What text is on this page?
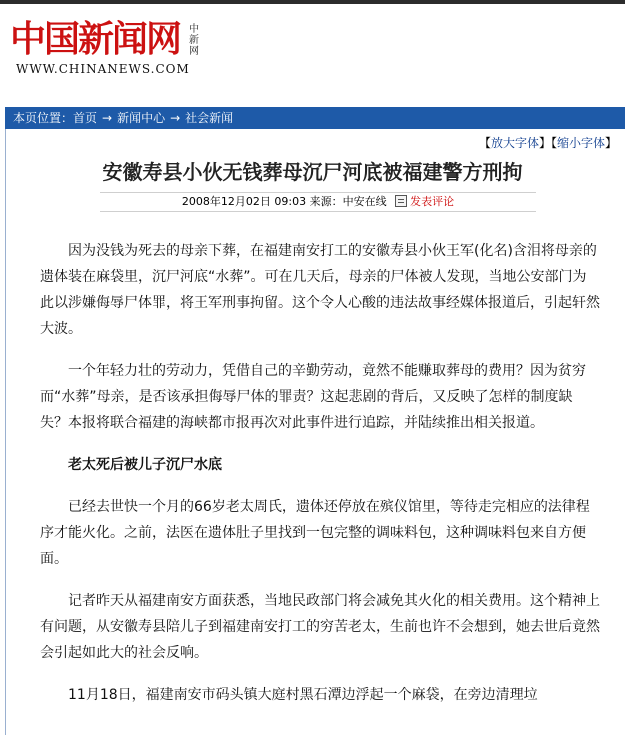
中国新闻网 中新网
WWW.CHINANEWS.COM
本页位置：首页 → 新闻中心 → 社会新闻
【放大字体】【缩小字体】
安徽寿县小伙无钱葬母沉尸河底被福建警方刑拘
2008年12月02日 09:03 来源：中安在线 发表评论

因为没钱为死去的母亲下葬，在福建南安打工的安徽寿县小伙王军(化名)含泪将母亲的遗体装在麻袋里，沉尸河底“水葬”。可在几天后，母亲的尸体被人发现，当地公安部门为此以涉嫌侮辱尸体罪，将王军刑事拘留。这个令人心酸的违法故事经媒体报道后，引起轩然大波。

一个年轻力壮的劳动力，凭借自己的辛勤劳动，竟然不能赚取葬母的费用？因为贫穷而“水葬”母亲，是否该承担侮辱尸体的罪责？这起悲剧的背后，又反映了怎样的制度缺失？本报将联合福建的海峡都市报再次对此事件进行追踪，并陆续推出相关报道。

老太死后被儿子沉尸水底

已经去世快一个月的66岁老太周氏，遗体还停放在殡仪馆里，等待走完相应的法律程序才能火化。之前，法医在遗体肚子里找到一包完整的调味料包，这种调味料包来自方便面。

记者昨天从福建南安方面获悉，当地民政部门将会减免其火化的相关费用。这个精神上有问题，从安徽寿县陪儿子到福建南安打工的穷苦老太，生前也许不会想到，她去世后竟然会引起如此大的社会反响。

11月18日，福建南安市码头镇大庭村黑石潭边浮起一个麻袋，在旁边清理垃
